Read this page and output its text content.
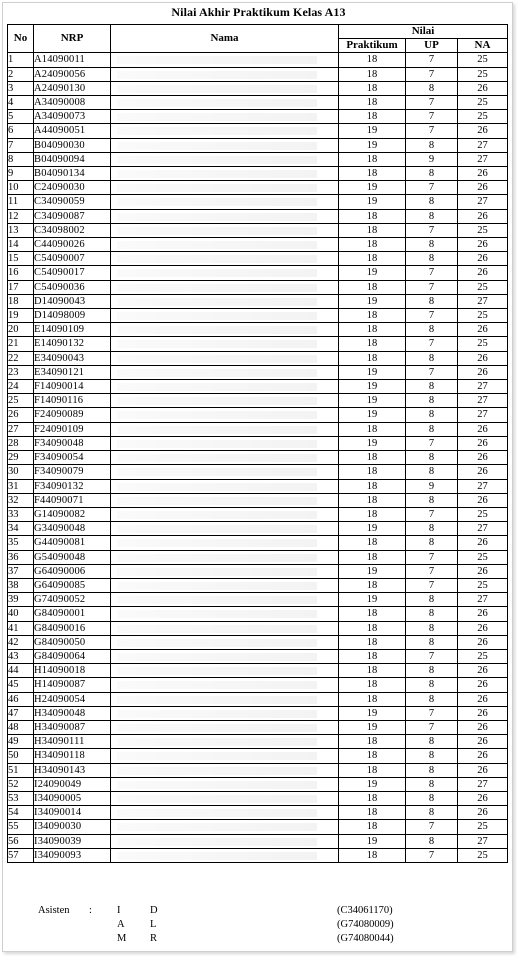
Nilai Akhir Praktikum Kelas A13
No	NRP	Nama	Nilai		
			Praktikum	UP	NA
1	A14090011		18	7	25
2	A24090056		18	7	25
3	A24090130		18	8	26
4	A34090008		18	7	25
5	A34090073		18	7	25
6	A44090051		19	7	26
7	B04090030		19	8	27
8	B04090094		18	9	27
9	B04090134		18	8	26
10	C24090030		19	7	26
11	C34090059		19	8	27
12	C34090087		18	8	26
13	C34098002		18	7	25
14	C44090026		18	8	26
15	C54090007		18	8	26
16	C54090017		19	7	26
17	C54090036		18	7	25
18	D14090043		19	8	27
19	D14098009		18	7	25
20	E14090109		18	8	26
21	E14090132		18	7	25
22	E34090043		18	8	26
23	E34090121		19	7	26
24	F14090014		19	8	27
25	F14090116		19	8	27
26	F24090089		19	8	27
27	F24090109		18	8	26
28	F34090048		19	7	26
29	F34090054		18	8	26
30	F34090079		18	8	26
31	F34090132		18	9	27
32	F44090071		18	8	26
33	G14090082		18	7	25
34	G34090048		19	8	27
35	G44090081		18	8	26
36	G54090048		18	7	25
37	G64090006		19	7	26
38	G64090085		18	7	25
39	G74090052		19	8	27
40	G84090001		18	8	26
41	G84090016		18	8	26
42	G84090050		18	8	26
43	G84090064		18	7	25
44	H14090018		18	8	26
45	H14090087		18	8	26
46	H24090054		18	8	26
47	H34090048		19	7	26
48	H34090087		19	7	26
49	H34090111		18	8	26
50	H34090118		18	8	26
51	H34090143		18	8	26
52	I24090049		19	8	27
53	I34090005		18	8	26
54	I34090014		18	8	26
55	I34090030		18	7	25
56	I34090039		19	8	27
57	I34090093		18	7	25
Asisten : I	D	(C34061170)
A L	(G74080009)
M R	(G74080044)
